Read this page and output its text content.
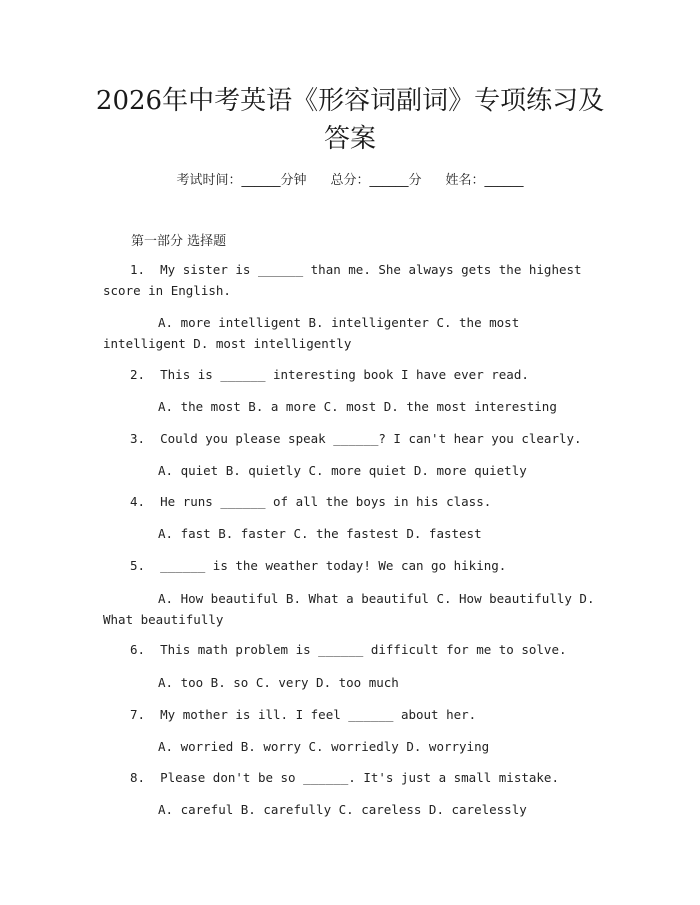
2026年中考英语《形容词副词》专项练习及答案
考试时间：______分钟 总分：______分 姓名：______
第一部分 选择题
1. My sister is ______ than me. She always gets the highest score in English.
A. more intelligent B. intelligenter C. the most intelligent D. most intelligently
2. This is ______ interesting book I have ever read.
A. the most B. a more C. most D. the most interesting
3. Could you please speak ______? I can't hear you clearly.
A. quiet B. quietly C. more quiet D. more quietly
4. He runs ______ of all the boys in his class.
A. fast B. faster C. the fastest D. fastest
5. ______ is the weather today! We can go hiking.
A. How beautiful B. What a beautiful C. How beautifully D. What beautifully
6. This math problem is ______ difficult for me to solve.
A. too B. so C. very D. too much
7. My mother is ill. I feel ______ about her.
A. worried B. worry C. worriedly D. worrying
8. Please don't be so ______. It's just a small mistake.
A. careful B. carefully C. careless D. carelessly
